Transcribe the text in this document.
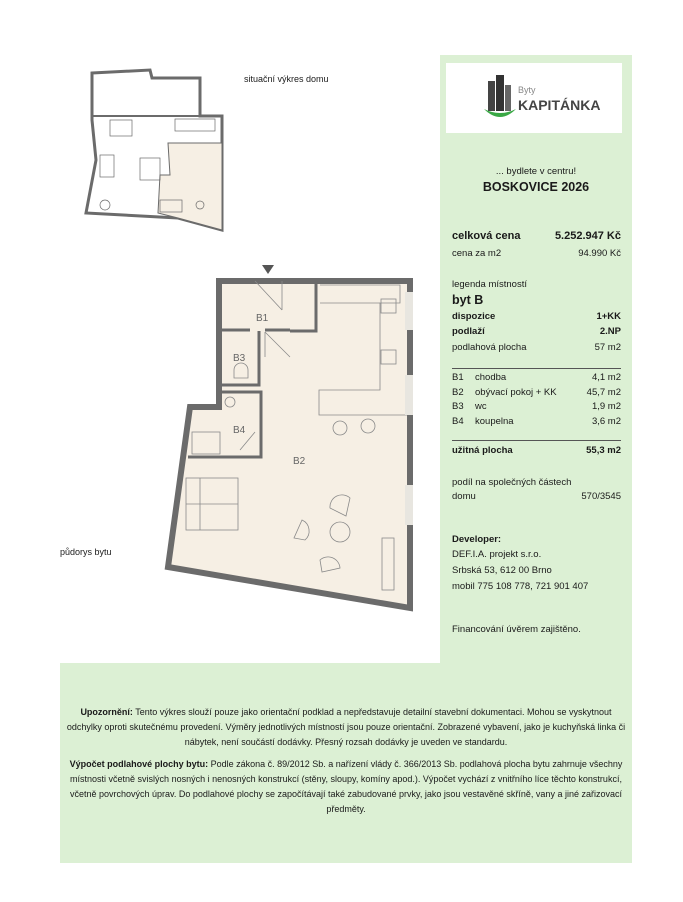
B1
B2
B3
B4
situační výkres domu
půdorys bytu
Byty
KAPITÁNKA
... bydlete v centru!
BOSKOVICE 2026
celková cena	5.252.947 Kč
cena za m2	94.990 Kč
legenda místností
byt B
dispozice	1+KK
podlaží	2.NP
podlahová plocha	57 m2
B1	chodba	4,1 m2
B2	obývací pokoj + KK	45,7 m2
B3	wc	1,9 m2
B4	koupelna	3,6 m2
užitná plocha	55,3 m2
podíl na společných částech
domu	570/3545
Developer:
DEF.I.A. projekt s.r.o.
Srbská 53, 612 00 Brno
mobil 775 108 778, 721 901 407
Financování úvěrem zajištěno.
Upozornění: Tento výkres slouží pouze jako orientační podklad a nepředstavuje detailní stavební dokumentaci. Mohou se vyskytnout odchylky oproti skutečnému provedení. Výměry jednotlivých místností jsou pouze orientační. Zobrazené vybavení, jako je kuchyňská linka či nábytek, není součástí dodávky. Přesný rozsah dodávky je uveden ve standardu.
Výpočet podlahové plochy bytu: Podle zákona č. 89/2012 Sb. a nařízení vlády č. 366/2013 Sb. podlahová plocha bytu zahrnuje všechny místnosti včetně svislých nosných i nenosných konstrukcí (stěny, sloupy, komíny apod.). Výpočet vychází z vnitřního líce těchto konstrukcí, včetně povrchových úprav. Do podlahové plochy se započítávají také zabudované prvky, jako jsou vestavěné skříně, vany a jiné zařizovací předměty.
